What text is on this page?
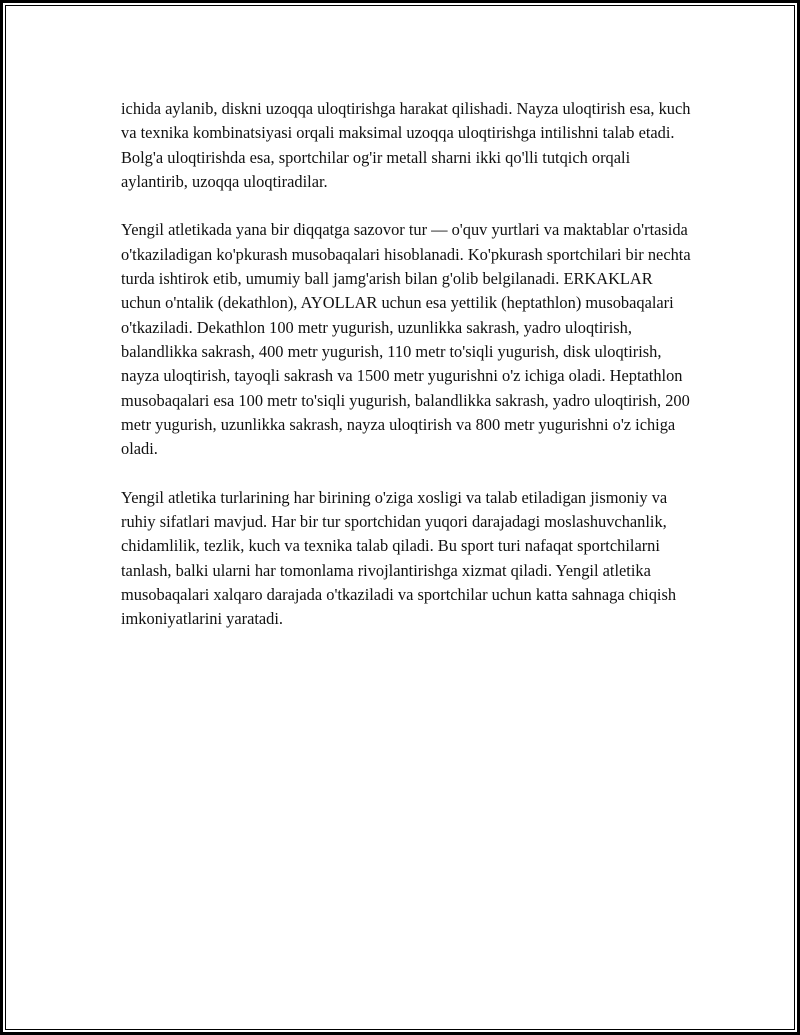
ichida aylanib, diskni uzoqqa uloqtirishga harakat qilishadi. Nayza uloqtirish esa, kuch va texnika kombinatsiyasi orqali maksimal uzoqqa uloqtirishga intilishni talab etadi. Bolg'a uloqtirishda esa, sportchilar og'ir metall sharni ikki qo'lli tutqich orqali aylantirib, uzoqqa uloqtiradilar.

Yengil atletikada yana bir diqqatga sazovor tur — o'quv yurtlari va maktablar o'rtasida o'tkaziladigan ko'pkurash musobaqalari hisoblanadi. Ko'pkurash sportchilari bir nechta turda ishtirok etib, umumiy ball jamg'arish bilan g'olib belgilanadi. ERKAKLAR uchun o'ntalik (dekathlon), AYOLLAR uchun esa yettilik (heptathlon) musobaqalari o'tkaziladi. Dekathlon 100 metr yugurish, uzunlikka sakrash, yadro uloqtirish, balandlikka sakrash, 400 metr yugurish, 110 metr to'siqli yugurish, disk uloqtirish, nayza uloqtirish, tayoqli sakrash va 1500 metr yugurishni o'z ichiga oladi. Heptathlon musobaqalari esa 100 metr to'siqli yugurish, balandlikka sakrash, yadro uloqtirish, 200 metr yugurish, uzunlikka sakrash, nayza uloqtirish va 800 metr yugurishni o'z ichiga oladi.

Yengil atletika turlarining har birining o'ziga xosligi va talab etiladigan jismoniy va ruhiy sifatlari mavjud. Har bir tur sportchidan yuqori darajadagi moslashuvchanlik, chidamlilik, tezlik, kuch va texnika talab qiladi. Bu sport turi nafaqat sportchilarni tanlash, balki ularni har tomonlama rivojlantirishga xizmat qiladi. Yengil atletika musobaqalari xalqaro darajada o'tkaziladi va sportchilar uchun katta sahnaga chiqish imkoniyatlarini yaratadi.
